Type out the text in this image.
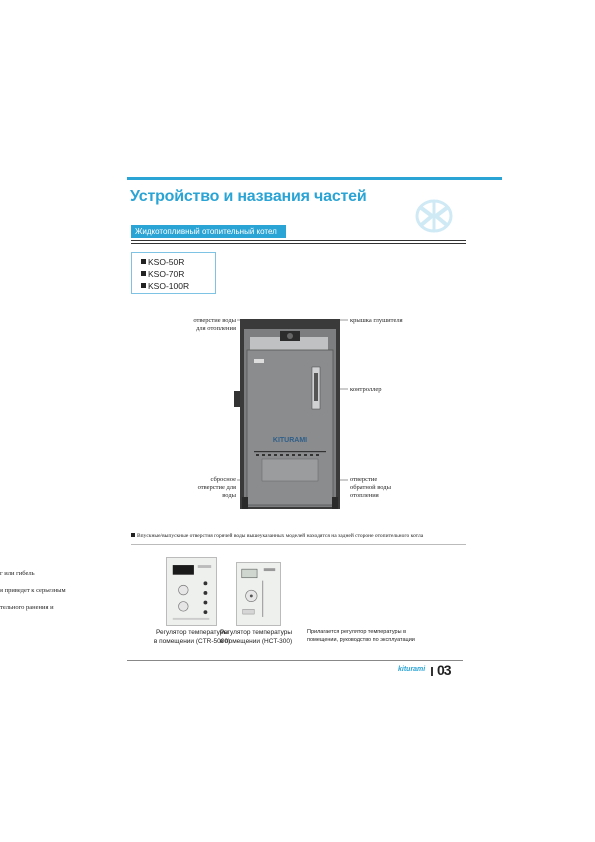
Устройство и названия частей
Жидкотопливный отопительный котел
KSO-50R
KSO-70R
KSO-100R
отверстие воды
для отопления
крышка глушителя
контроллер
сбросное
отверстие для
воды
отверстие
обратной воды
отопления
KITURAMI
Впускные/выпускные отверстия горячей воды вышеуказанных моделей находятся на задней стороне отопительного котла
г или гибель
я приведет к серьезным
тельного ранения и
Регулятор температуры
в помещении (CTR-5000)
Регулятор температуры
в помещении (HCT-300)
Прилагается регулятор температуры в
помещении, руководство по эксплуатации
kiturami 03
